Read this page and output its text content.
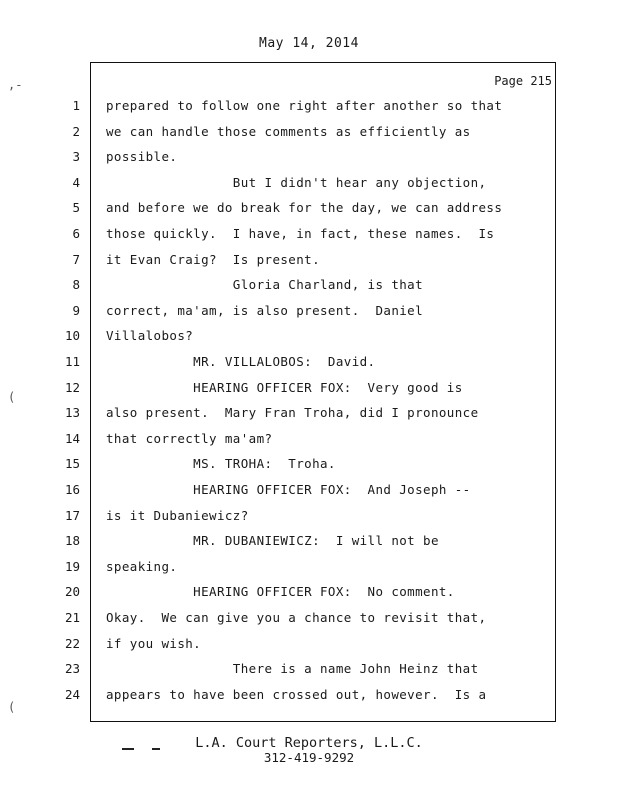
May 14, 2014
Page 215
1 prepared to follow one right after another so that
2 we can handle those comments as efficiently as
3 possible.
4 But I didn't hear any objection,
5 and before we do break for the day, we can address
6 those quickly.  I have, in fact, these names.  Is
7 it Evan Craig?  Is present.
8 Gloria Charland, is that
9 correct, ma'am, is also present.  Daniel
10 Villalobos?
11 MR. VILLALOBOS:  David.
12 HEARING OFFICER FOX:  Very good is
13 also present.  Mary Fran Troha, did I pronounce
14 that correctly ma'am?
15 MS. TROHA:  Troha.
16 HEARING OFFICER FOX:  And Joseph --
17 is it Dubaniewicz?
18 MR. DUBANIEWICZ:  I will not be
19 speaking.
20 HEARING OFFICER FOX:  No comment.
21 Okay.  We can give you a chance to revisit that,
22 if you wish.
23 There is a name John Heinz that
24 appears to have been crossed out, however.  Is a
,-
(
(
L.A. Court Reporters, L.L.C.
312-419-9292
